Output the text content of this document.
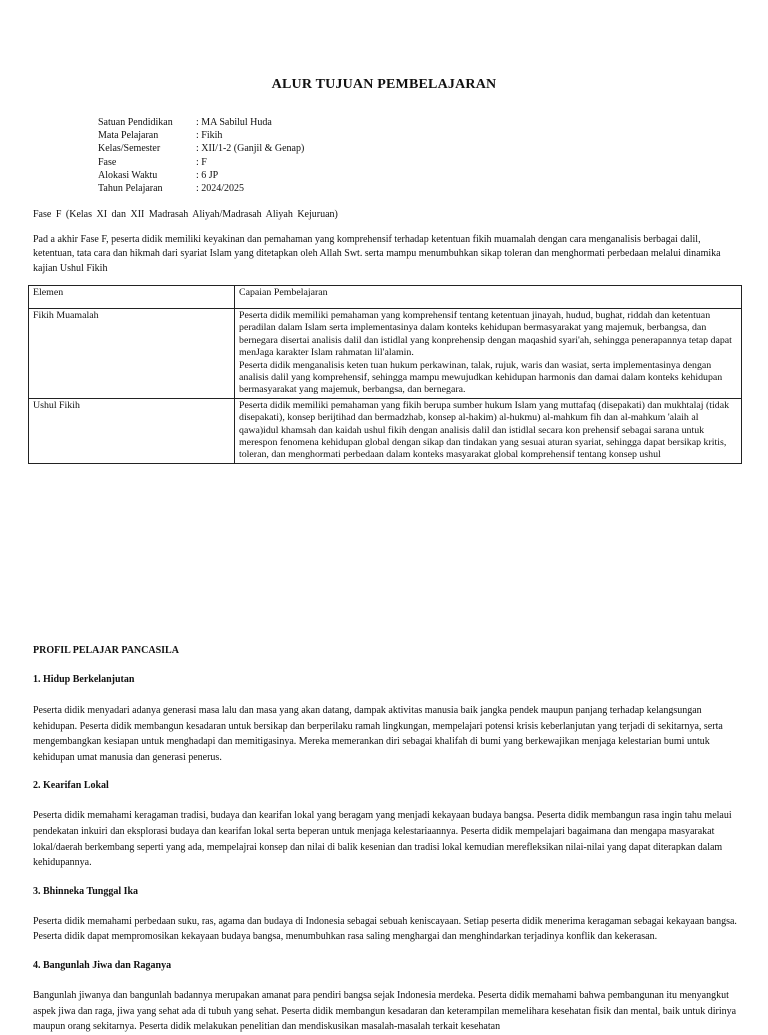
ALUR TUJUAN PEMBELAJARAN
Satuan Pendidikan	: MA Sabilul Huda
Mata Pelajaran	: Fikih
Kelas/Semester	: XII/1-2 (Ganjil & Genap)
Fase	: F
Alokasi Waktu	: 6 JP
Tahun Pelajaran	: 2024/2025
Fase F (Kelas XI dan XII Madrasah Aliyah/Madrasah Aliyah Kejuruan)

Pad a akhir Fase F, peserta didik memiliki keyakinan dan pemahaman yang komprehensif terhadap ketentuan fikih muamalah dengan cara menganalisis berbagai dalil, ketentuan, tata cara dan hikmah dari syariat Islam yang ditetapkan oleh Allah Swt. serta mampu menumbuhkan sikap toleran dan menghormati perbedaan melalui dinamika kajian Ushul Fikih

Elemen	Capaian Pembelajaran
Fikih Muamalah	Peserta didik memiliki pemahaman yang komprehensif tentang ketentuan jinayah, hudud, bughat, riddah dan ketentuan peradilan dalam Islam serta implementasinya dalam konteks kehidupan bermasyarakat yang majemuk, berbangsa, dan bernegara disertai analisis dalil dan istidlal yang konprehensip dengan maqashid syari'ah, sehingga penerapannya tetap dapat menJaga karakter Islam rahmatan lil'alamin.
Peserta didik menganalisis keten tuan hukum perkawinan, talak, rujuk, waris dan wasiat, serta implementasinya dengan analisis dalil yang komprehensif, sehingga mampu mewujudkan kehidupan harmonis dan damai dalam konteks kehidupan bermasyarakat yang majemuk, berbangsa, dan bernegara.

Ushul Fikih	Peserta didik memiliki pemahaman yang fikih berupa sumber hukum Islam yang muttafaq (disepakati) dan mukhtalaj (tidak disepakati), konsep berijtihad dan bermadzhab, konsep al-hakim) al-hukmu) al-mahkum fih dan al-mahkum 'alaih al qawa)idul khamsah dan kaidah ushul fikih dengan analisis dalil dan istidlal secara kon prehensif sebagai sarana untuk merespon fenomena kehidupan global dengan sikap dan tindakan yang sesuai aturan syariat, sehingga dapat bersikap kritis, toleran, dan menghormati perbedaan dalam konteks masyarakat global komprehensif tentang konsep ushul

PROFIL PELAJAR PANCASILA

1. Hidup Berkelanjutan

Peserta didik menyadari adanya generasi masa lalu dan masa yang akan datang, dampak aktivitas manusia baik jangka pendek maupun panjang terhadap kelangsungan kehidupan. Peserta didik membangun kesadaran untuk bersikap dan berperilaku ramah lingkungan, mempelajari potensi krisis keberlanjutan yang terjadi di sekitarnya, serta mengembangkan kesiapan untuk menghadapi dan memitigasinya. Mereka memerankan diri sebagai khalifah di bumi yang berkewajikan menjaga kelestarian bumi untuk kehidupan umat manusia dan generasi penerus.

2. Kearifan Lokal

Peserta didik memahami keragaman tradisi, budaya dan kearifan lokal yang beragam yang menjadi kekayaan budaya bangsa. Peserta didik membangun rasa ingin tahu melaui pendekatan inkuiri dan eksplorasi budaya dan kearifan lokal serta beperan untuk menjaga kelestariaannya. Peserta didik mempelajari bagaimana dan mengapa masyarakat lokal/daerah berkembang seperti yang ada, mempelajrai konsep dan nilai di balik kesenian dan tradisi lokal kemudian merefleksikan nilai-nilai yang dapat diterapkan dalam kehidupannya.

3. Bhinneka Tunggal Ika

Peserta didik memahami perbedaan suku, ras, agama dan budaya di Indonesia sebagai sebuah keniscayaan. Setiap peserta didik menerima keragaman sebagai kekayaan bangsa. Peserta didik dapat mempromosikan kekayaan budaya bangsa, menumbuhkan rasa saling menghargai dan menghindarkan terjadinya konflik dan kekerasan.

4. Bangunlah Jiwa dan Raganya

Bangunlah jiwanya dan bangunlah badannya merupakan amanat para pendiri bangsa sejak Indonesia merdeka. Peserta didik memahami bahwa pembangunan itu menyangkut aspek jiwa dan raga, jiwa yang sehat ada di tubuh yang sehat. Peserta didik membangun kesadaran dan keterampilan memelihara kesehatan fisik dan mental, baik untuk dirinya maupun orang sekitarnya. Peserta didik melakukan penelitian dan mendiskusikan masalah-masalah terkait kesehatan
